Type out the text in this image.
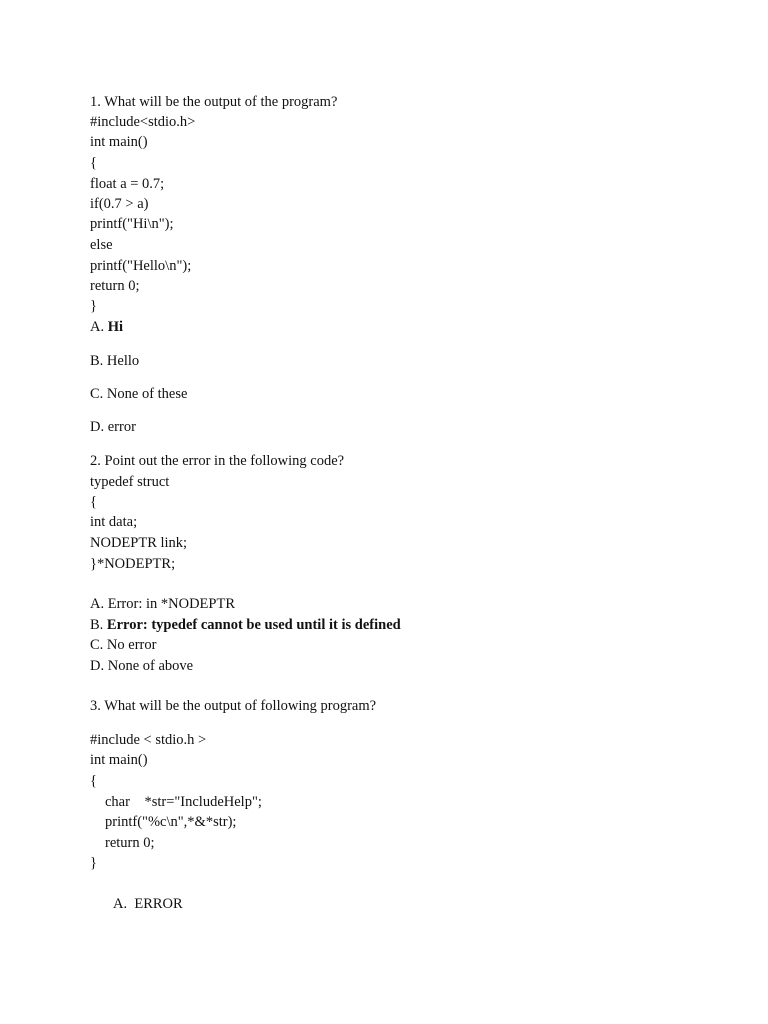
1. What will be the output of the program?
#include<stdio.h>
int main()
{
float a = 0.7;
if(0.7 > a)
printf("Hi\n");
else
printf("Hello\n");
return 0;
}
A. Hi
B. Hello
C. None of these
D. error
2. Point out the error in the following code?
typedef struct
{
int data;
NODEPTR link;
}*NODEPTR;
A. Error: in *NODEPTR
B. Error: typedef cannot be used until it is defined
C. No error
D. None of above
3. What will be the output of following program?
#include < stdio.h >
int main()
{
char    *str="IncludeHelp";
printf("%c\n",*&*str);
return 0;
}
A.  ERROR
